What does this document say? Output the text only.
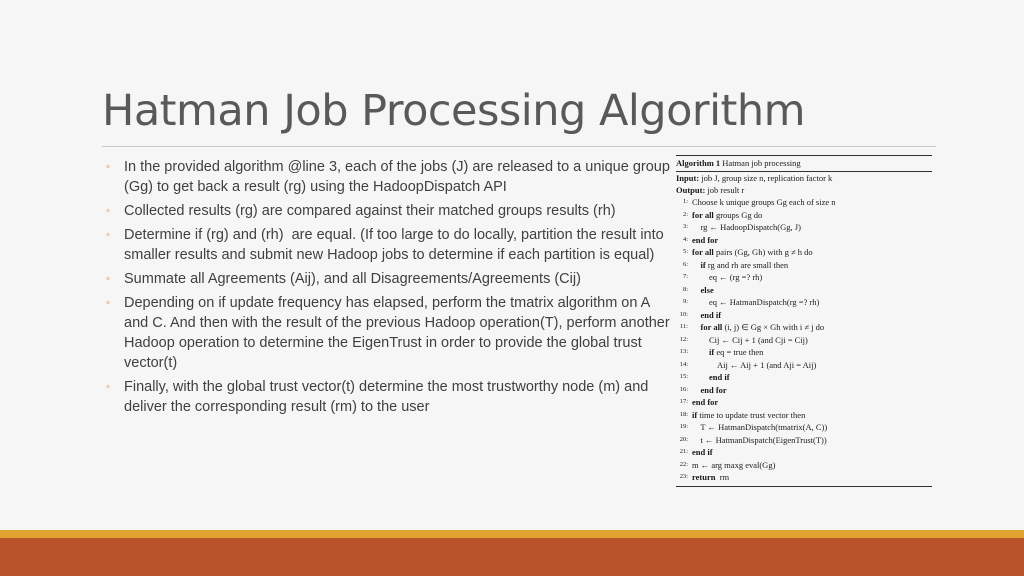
Hatman Job Processing Algorithm
◦ In the provided algorithm @line 3, each of the jobs (J) are released to a unique group (Gg) to get back a result (rg) using the HadoopDispatch API
◦ Collected results (rg) are compared against their matched groups results (rh)
◦ Determine if (rg) and (rh)  are equal. (If too large to do locally, partition the result into smaller results and submit new Hadoop jobs to determine if each partition is equal)
◦ Summate all Agreements (Aij), and all Disagreements/Agreements (Cij)
◦ Depending on if update frequency has elapsed, perform the tmatrix algorithm on A and C. And then with the result of the previous Hadoop operation(T), perform another Hadoop operation to determine the EigenTrust in order to provide the global trust vector(t)
◦ Finally, with the global trust vector(t) determine the most trustworthy node (m) and deliver the corresponding result (rm) to the user
Algorithm 1 Hatman job processing
Input: job J, group size n, replication factor k
Output: job result r
1: Choose k unique groups Gg each of size n
2: for all groups Gg do
3: rg ← HadoopDispatch(Gg, J)
4: end for
5: for all pairs (Gg, Gh) with g ≠ h do
6: if rg and rh are small then
7: eq ← (rg =? rh)
8: else
9: eq ← HatmanDispatch(rg =? rh)
10: end if
11: for all (i, j) ∈ Gg × Gh with i ≠ j do
12: Cij ← Cij + 1 (and Cji = Cij)
13: if eq = true then
14: Aij ← Aij + 1 (and Aji = Aij)
15: end if
16: end for
17: end for
18: if time to update trust vector then
19: T ← HatmanDispatch(tmatrix(A, C))
20: t ← HatmanDispatch(EigenTrust(T))
21: end if
22: m ← arg maxg eval(Gg)
23: return  rm
